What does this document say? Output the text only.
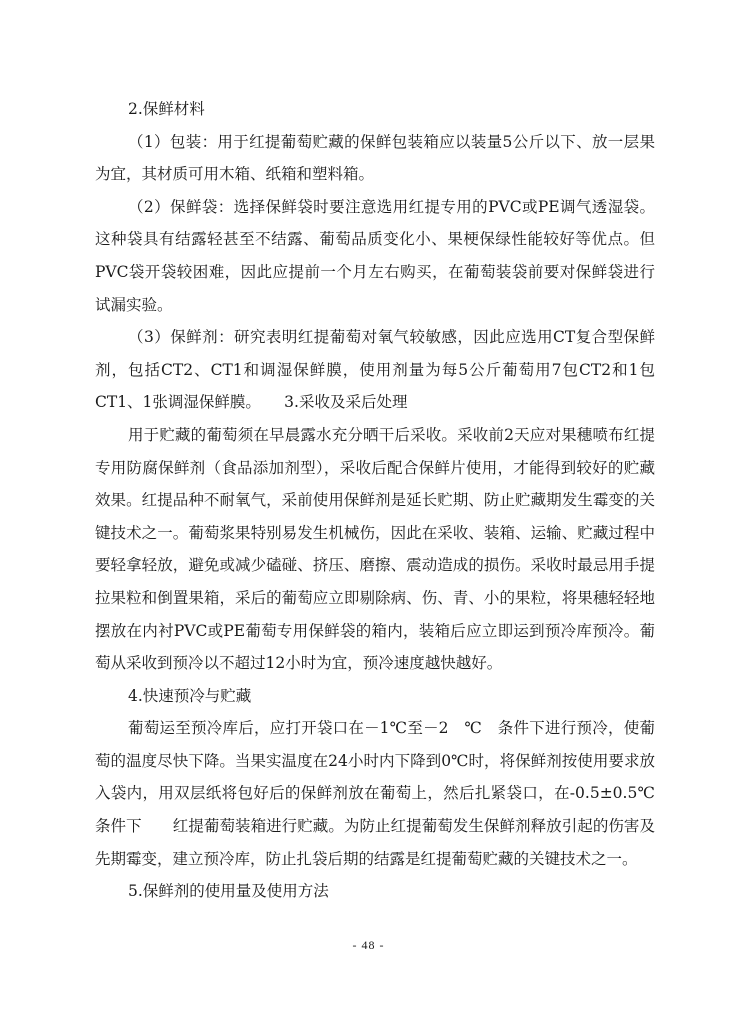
2.保鲜材料

（1）包装：用于红提葡萄贮藏的保鲜包装箱应以装量5公斤以下、放一层果为宜，其材质可用木箱、纸箱和塑料箱。

（2）保鲜袋：选择保鲜袋时要注意选用红提专用的PVC或PE调气透湿袋。这种袋具有结露轻甚至不结露、葡萄品质变化小、果梗保绿性能较好等优点。但PVC袋开袋较困难，因此应提前一个月左右购买，在葡萄装袋前要对保鲜袋进行试漏实验。

（3）保鲜剂：研究表明红提葡萄对氧气较敏感，因此应选用CT复合型保鲜剂，包括CT2、CT1和调湿保鲜膜，使用剂量为每5公斤葡萄用7包CT2和1包CT1、1张调湿保鲜膜。　　3.采收及采后处理

用于贮藏的葡萄须在早晨露水充分晒干后采收。采收前2天应对果穗喷布红提专用防腐保鲜剂（食品添加剂型），采收后配合保鲜片使用，才能得到较好的贮藏效果。红提品种不耐氧气，采前使用保鲜剂是延长贮期、防止贮藏期发生霉变的关键技术之一。葡萄浆果特别易发生机械伤，因此在采收、装箱、运输、贮藏过程中要轻拿轻放，避免或减少磕碰、挤压、磨擦、震动造成的损伤。采收时最忌用手提拉果粒和倒置果箱，采后的葡萄应立即剔除病、伤、青、小的果粒，将果穗轻轻地摆放在内衬PVC或PE葡萄专用保鲜袋的箱内，装箱后应立即运到预冷库预冷。葡萄从采收到预冷以不超过12小时为宜，预冷速度越快越好。

4.快速预冷与贮藏

葡萄运至预冷库后，应打开袋口在－1℃至－2　℃　条件下进行预冷，使葡萄的温度尽快下降。当果实温度在24小时内下降到0℃时，将保鲜剂按使用要求放入袋内，用双层纸将包好后的保鲜剂放在葡萄上，然后扎紧袋口，在-0.5±0.5℃条件下　　红提葡萄装箱进行贮藏。为防止红提葡萄发生保鲜剂释放引起的伤害及先期霉变，建立预冷库，防止扎袋后期的结露是红提葡萄贮藏的关键技术之一。

5.保鲜剂的使用量及使用方法

- 48 -
